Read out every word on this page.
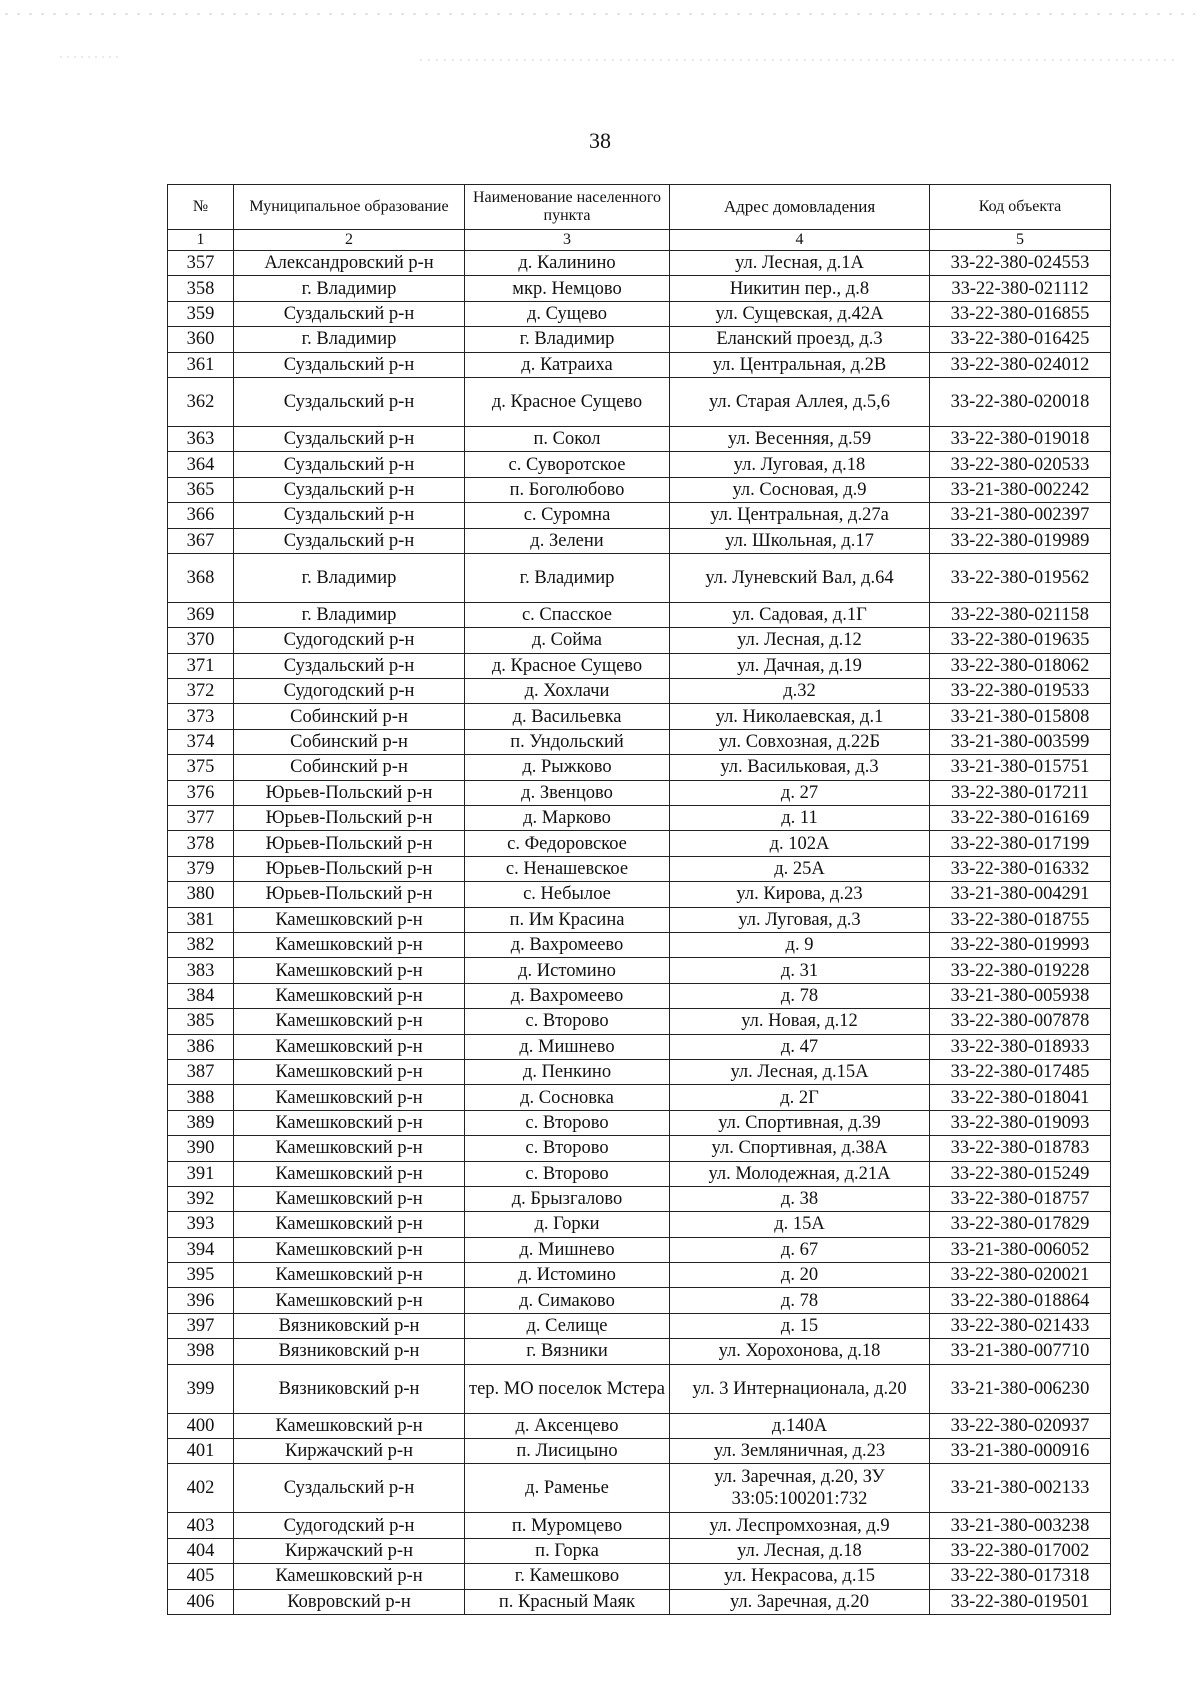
38
№	Муниципальное образование	Наименование населенного пункта	Адрес домовладения	Код объекта
1	2	3	4	5
357	Александровский р-н	д. Калинино	ул. Лесная, д.1А	33-22-380-024553
358	г. Владимир	мкр. Немцово	Никитин пер., д.8	33-22-380-021112
359	Суздальский р-н	д. Сущево	ул. Сущевская, д.42А	33-22-380-016855
360	г. Владимир	г. Владимир	Еланский проезд, д.3	33-22-380-016425
361	Суздальский р-н	д. Катраиха	ул. Центральная, д.2В	33-22-380-024012
362	Суздальский р-н	д. Красное Сущево	ул. Старая Аллея, д.5,6	33-22-380-020018
363	Суздальский р-н	п. Сокол	ул. Весенняя, д.59	33-22-380-019018
364	Суздальский р-н	с. Суворотское	ул. Луговая, д.18	33-22-380-020533
365	Суздальский р-н	п. Боголюбово	ул. Сосновая, д.9	33-21-380-002242
366	Суздальский р-н	с. Суромна	ул. Центральная, д.27а	33-21-380-002397
367	Суздальский р-н	д. Зелени	ул. Школьная, д.17	33-22-380-019989
368	г. Владимир	г. Владимир	ул. Луневский Вал, д.64	33-22-380-019562
369	г. Владимир	с. Спасское	ул. Садовая, д.1Г	33-22-380-021158
370	Судогодский р-н	д. Сойма	ул. Лесная, д.12	33-22-380-019635
371	Суздальский р-н	д. Красное Сущево	ул. Дачная, д.19	33-22-380-018062
372	Судогодский р-н	д. Хохлачи	д.32	33-22-380-019533
373	Собинский р-н	д. Васильевка	ул. Николаевская, д.1	33-21-380-015808
374	Собинский р-н	п. Ундольский	ул. Совхозная, д.22Б	33-21-380-003599
375	Собинский р-н	д. Рыжково	ул. Васильковая, д.3	33-21-380-015751
376	Юрьев-Польский р-н	д. Звенцово	д. 27	33-22-380-017211
377	Юрьев-Польский р-н	д. Марково	д. 11	33-22-380-016169
378	Юрьев-Польский р-н	с. Федоровское	д. 102А	33-22-380-017199
379	Юрьев-Польский р-н	с. Ненашевское	д. 25А	33-22-380-016332
380	Юрьев-Польский р-н	с. Небылое	ул. Кирова, д.23	33-21-380-004291
381	Камешковский р-н	п. Им Красина	ул. Луговая, д.3	33-22-380-018755
382	Камешковский р-н	д. Вахромеево	д. 9	33-22-380-019993
383	Камешковский р-н	д. Истомино	д. 31	33-22-380-019228
384	Камешковский р-н	д. Вахромеево	д. 78	33-21-380-005938
385	Камешковский р-н	с. Второво	ул. Новая, д.12	33-22-380-007878
386	Камешковский р-н	д. Мишнево	д. 47	33-22-380-018933
387	Камешковский р-н	д. Пенкино	ул. Лесная, д.15А	33-22-380-017485
388	Камешковский р-н	д. Сосновка	д. 2Г	33-22-380-018041
389	Камешковский р-н	с. Второво	ул. Спортивная, д.39	33-22-380-019093
390	Камешковский р-н	с. Второво	ул. Спортивная, д.38А	33-22-380-018783
391	Камешковский р-н	с. Второво	ул. Молодежная, д.21А	33-22-380-015249
392	Камешковский р-н	д. Брызгалово	д. 38	33-22-380-018757
393	Камешковский р-н	д. Горки	д. 15А	33-22-380-017829
394	Камешковский р-н	д. Мишнево	д. 67	33-21-380-006052
395	Камешковский р-н	д. Истомино	д. 20	33-22-380-020021
396	Камешковский р-н	д. Симаково	д. 78	33-22-380-018864
397	Вязниковский р-н	д. Селище	д. 15	33-22-380-021433
398	Вязниковский р-н	г. Вязники	ул. Хорохонова, д.18	33-21-380-007710
399	Вязниковский р-н	тер. МО поселок Мстера	ул. 3 Интернационала, д.20	33-21-380-006230
400	Камешковский р-н	д. Аксенцево	д.140А	33-22-380-020937
401	Киржачский р-н	п. Лисицыно	ул. Земляничная, д.23	33-21-380-000916
402	Суздальский р-н	д. Раменье	ул. Заречная, д.20, ЗУ 33:05:100201:732	33-21-380-002133
403	Судогодский р-н	п. Муромцево	ул. Леспромхозная, д.9	33-21-380-003238
404	Киржачский р-н	п. Горка	ул. Лесная, д.18	33-22-380-017002
405	Камешковский р-н	г. Камешково	ул. Некрасова, д.15	33-22-380-017318
406	Ковровский р-н	п. Красный Маяк	ул. Заречная, д.20	33-22-380-019501
